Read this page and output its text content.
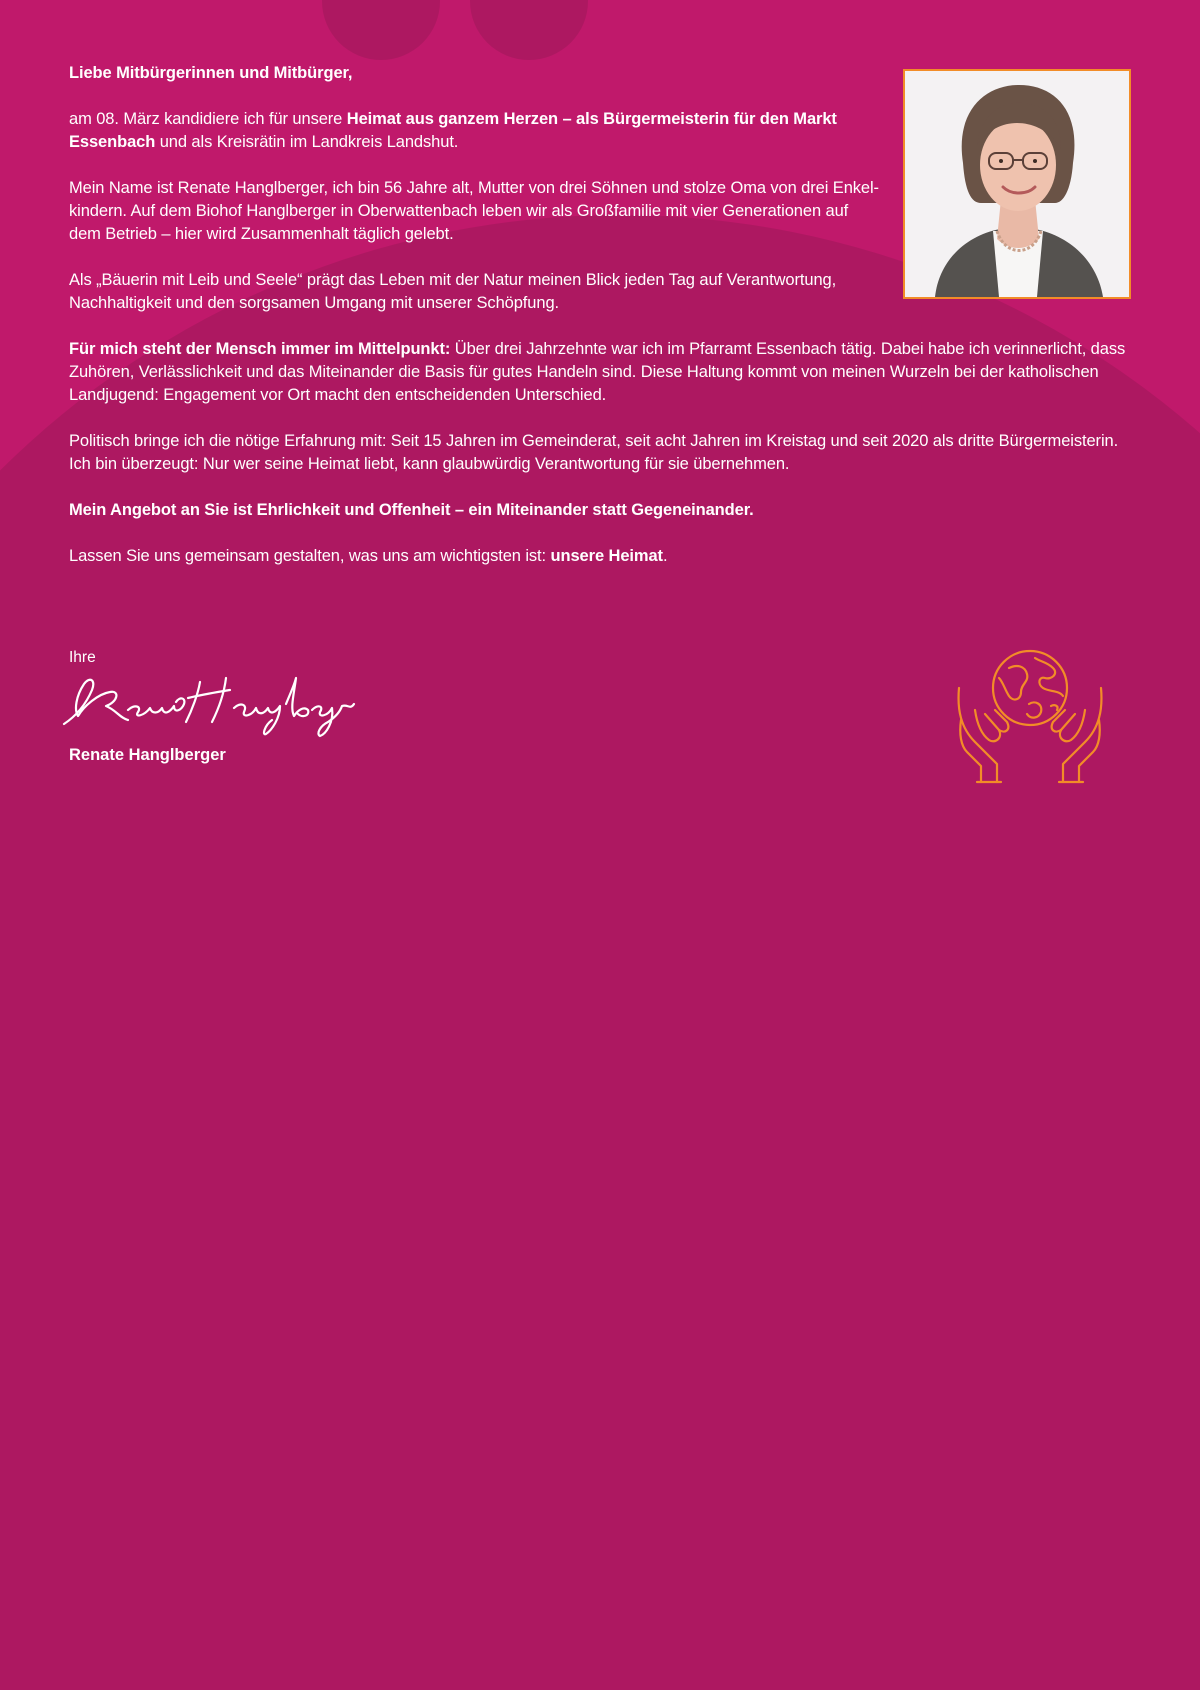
Liebe Mitbürgerinnen und Mitbürger,

am 08. März kandidiere ich für unsere Heimat aus ganzem Herzen – als Bürgermeisterin für den Markt Essenbach und als Kreisrätin im Landkreis Landshut.

Mein Name ist Renate Hanglberger, ich bin 56 Jahre alt, Mutter von drei Söhnen und stolze Oma von drei Enkel-kindern. Auf dem Biohof Hanglberger in Oberwattenbach leben wir als Großfamilie mit vier Generationen auf dem Betrieb – hier wird Zusammenhalt täglich gelebt.

Als „Bäuerin mit Leib und Seele“ prägt das Leben mit der Natur meinen Blick jeden Tag auf Verantwortung, Nachhaltigkeit und den sorgsamen Umgang mit unserer Schöpfung.

Für mich steht der Mensch immer im Mittelpunkt: Über drei Jahrzehnte war ich im Pfarramt Essenbach tätig. Dabei habe ich verinnerlicht, dass Zuhören, Verlässlichkeit und das Miteinander die Basis für gutes Handeln sind. Diese Haltung kommt von meinen Wurzeln bei der katholischen Landjugend: Engagement vor Ort macht den entscheidenden Unterschied.

Politisch bringe ich die nötige Erfahrung mit: Seit 15 Jahren im Gemeinderat, seit acht Jahren im Kreistag und seit 2020 als dritte Bürgermeisterin. Ich bin überzeugt: Nur wer seine Heimat liebt, kann glaubwürdig Verantwortung für sie übernehmen.

Mein Angebot an Sie ist Ehrlichkeit und Offenheit – ein Miteinander statt Gegeneinander.

Lassen Sie uns gemeinsam gestalten, was uns am wichtigsten ist: unsere Heimat.

Ihre
Renate Hanglberger
